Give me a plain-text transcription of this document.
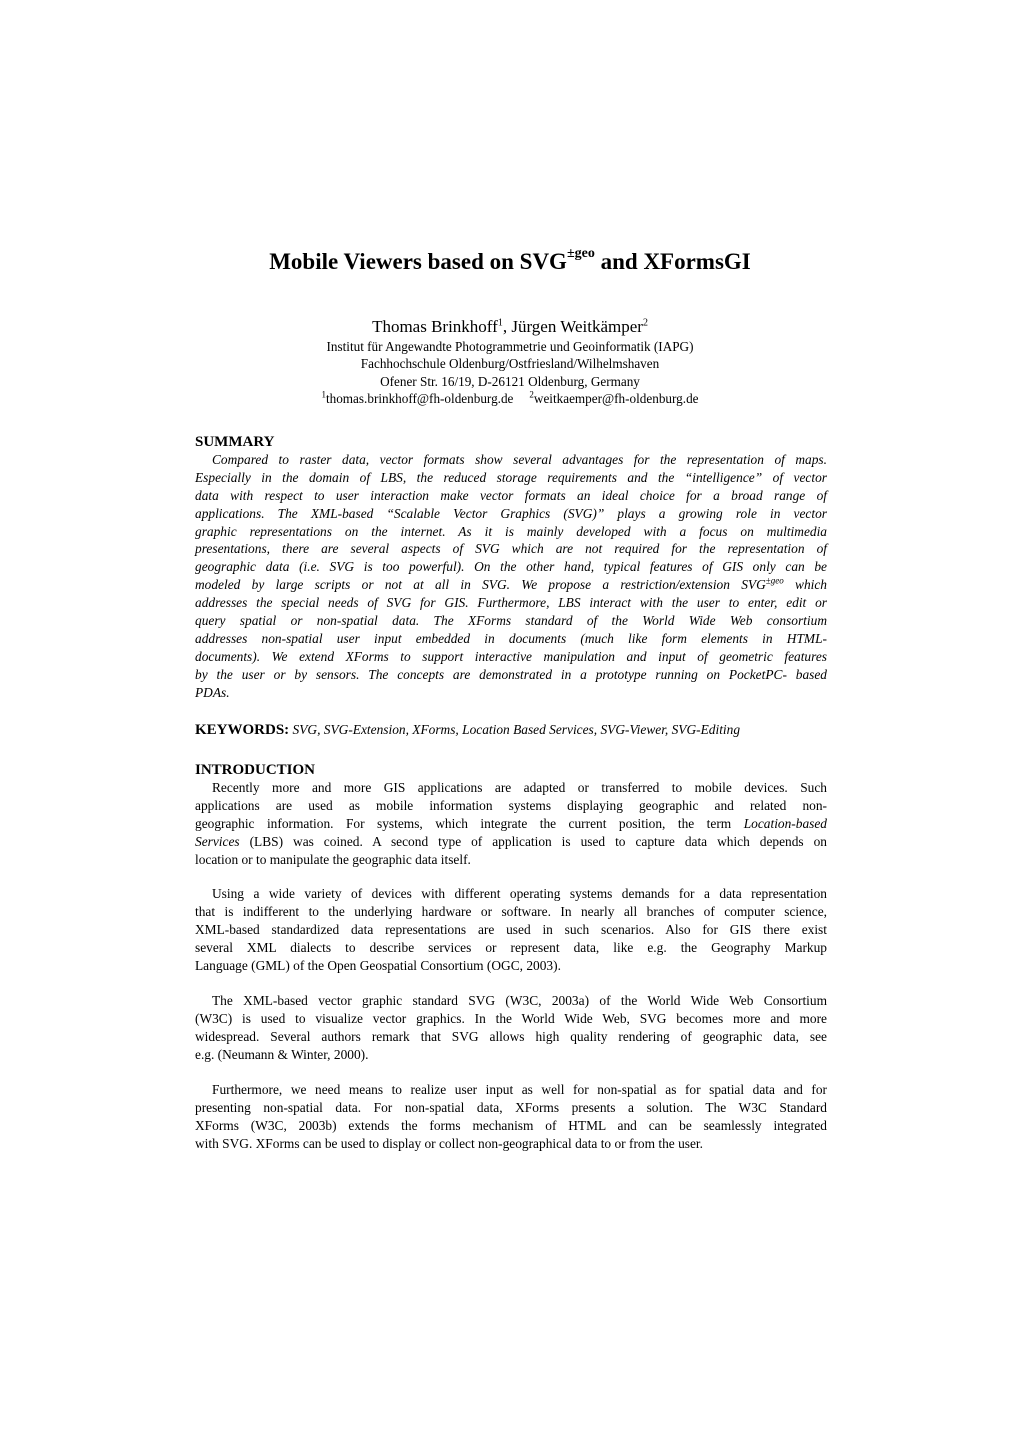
Mobile Viewers based on $SVG^{\pm geo}$ and XFormsGI
Thomas Brinkhoff$^1$, Jürgen Weitkämper$^2$
Institut für Angewandte Photogrammetrie und Geoinformatik (IAPG)
Fachhochschule Oldenburg/Ostfriesland/Wilhelmshaven
Ofener Str. 16/19, D-26121 Oldenburg, Germany
$^1$thomas.brinkhoff@fh-oldenburg.de $^2$weitkaemper@fh-oldenburg.de
SUMMARY
Compared to raster data, vector formats show several advantages for the representation of maps.
Especially in the domain of LBS, the reduced storage requirements and the “intelligence” of vector
data with respect to user interaction make vector formats an ideal choice for a broad range of
applications. The XML-based “Scalable Vector Graphics (SVG)” plays a growing role in vector
graphic representations on the internet. As it is mainly developed with a focus on multimedia
presentations, there are several aspects of SVG which are not required for the representation of
geographic data (i.e. SVG is too powerful). On the other hand, typical features of GIS only can be
modeled by large scripts or not at all in SVG. We propose a restriction/extension $SVG^{\pm geo}$ which
addresses the special needs of SVG for GIS. Furthermore, LBS interact with the user to enter, edit or
query spatial or non-spatial data. The XForms standard of the World Wide Web consortium
addresses non-spatial user input embedded in documents (much like form elements in HTML-
documents). We extend XForms to support interactive manipulation and input of geometric features
by the user or by sensors. The concepts are demonstrated in a prototype running on PocketPC- based
PDAs.
KEYWORDS: SVG, SVG-Extension, XForms, Location Based Services, SVG-Viewer, SVG-Editing
INTRODUCTION
Recently more and more GIS applications are adapted or transferred to mobile devices. Such
applications are used as mobile information systems displaying geographic and related non-
geographic information. For systems, which integrate the current position, the term Location-based
Services (LBS) was coined. A second type of application is used to capture data which depends on
location or to manipulate the geographic data itself.
Using a wide variety of devices with different operating systems demands for a data representation
that is indifferent to the underlying hardware or software. In nearly all branches of computer science,
XML-based standardized data representations are used in such scenarios. Also for GIS there exist
several XML dialects to describe services or represent data, like e.g. the Geography Markup
Language (GML) of the Open Geospatial Consortium (OGC, 2003).
The XML-based vector graphic standard SVG (W3C, 2003a) of the World Wide Web Consortium
(W3C) is used to visualize vector graphics. In the World Wide Web, SVG becomes more and more
widespread. Several authors remark that SVG allows high quality rendering of geographic data, see
e.g. (Neumann & Winter, 2000).
Furthermore, we need means to realize user input as well for non-spatial as for spatial data and for
presenting non-spatial data. For non-spatial data, XForms presents a solution. The W3C Standard
XForms (W3C, 2003b) extends the forms mechanism of HTML and can be seamlessly integrated
with SVG. XForms can be used to display or collect non-geographical data to or from the user.
